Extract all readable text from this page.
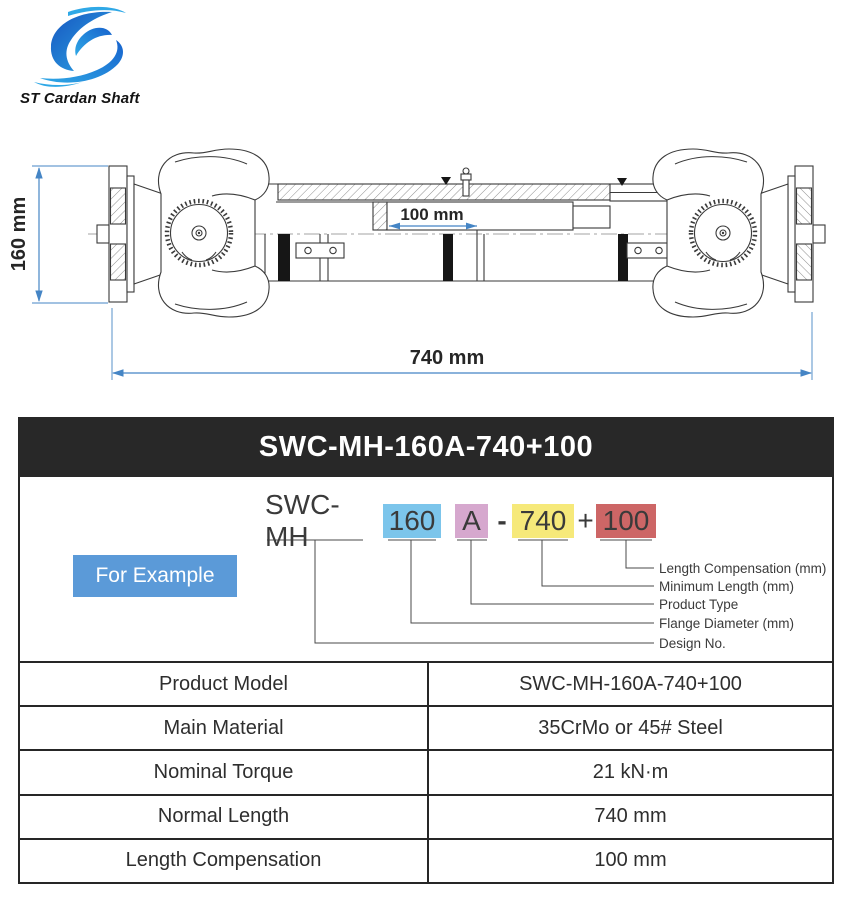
ST Cardan Shaft
100 mm
740 mm
160 mm
SWC-MH-160A-740+100
SWC-MH
160 A - 740 + 100
For Example	Length Compensation (mm)
Minimum Length (mm)
Product Type
Flange Diameter (mm)
Design No.
Product Model	SWC-MH-160A-740+100
Main Material	35CrMo or 45# Steel
Nominal Torque	21 kN·m
Normal Length	740 mm
Length Compensation	100 mm
